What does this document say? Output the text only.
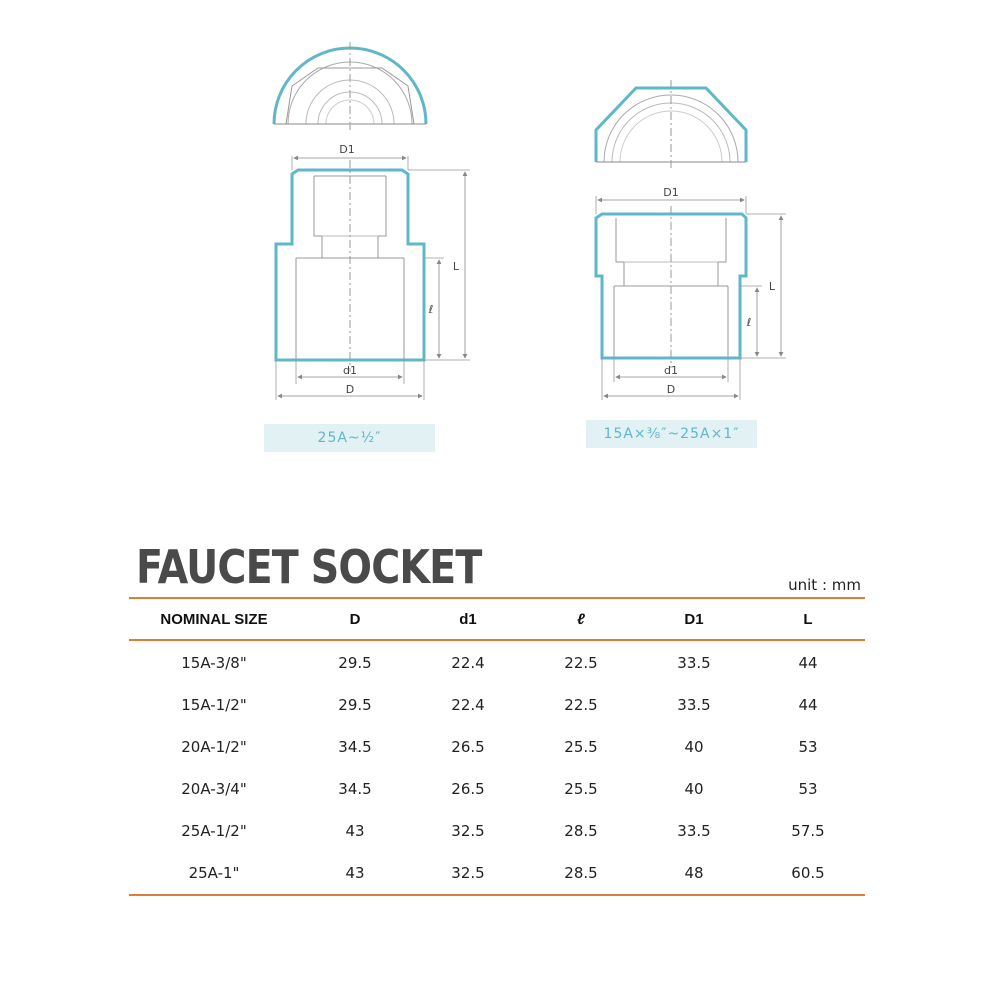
D1
d1
D
L
ℓ
D1
d1
D
L
ℓ
25A~½″	15A×⅜″~25A×1″
FAUCET SOCKET	unit : mm
NOMINAL SIZE	D	d1	ℓ	D1	L
15A-3/8"	29.5	22.4	22.5	33.5	44
15A-1/2"	29.5	22.4	22.5	33.5	44
20A-1/2"	34.5	26.5	25.5	40	53
20A-3/4"	34.5	26.5	25.5	40	53
25A-1/2"	43	32.5	28.5	33.5	57.5
25A-1"	43	32.5	28.5	48	60.5
